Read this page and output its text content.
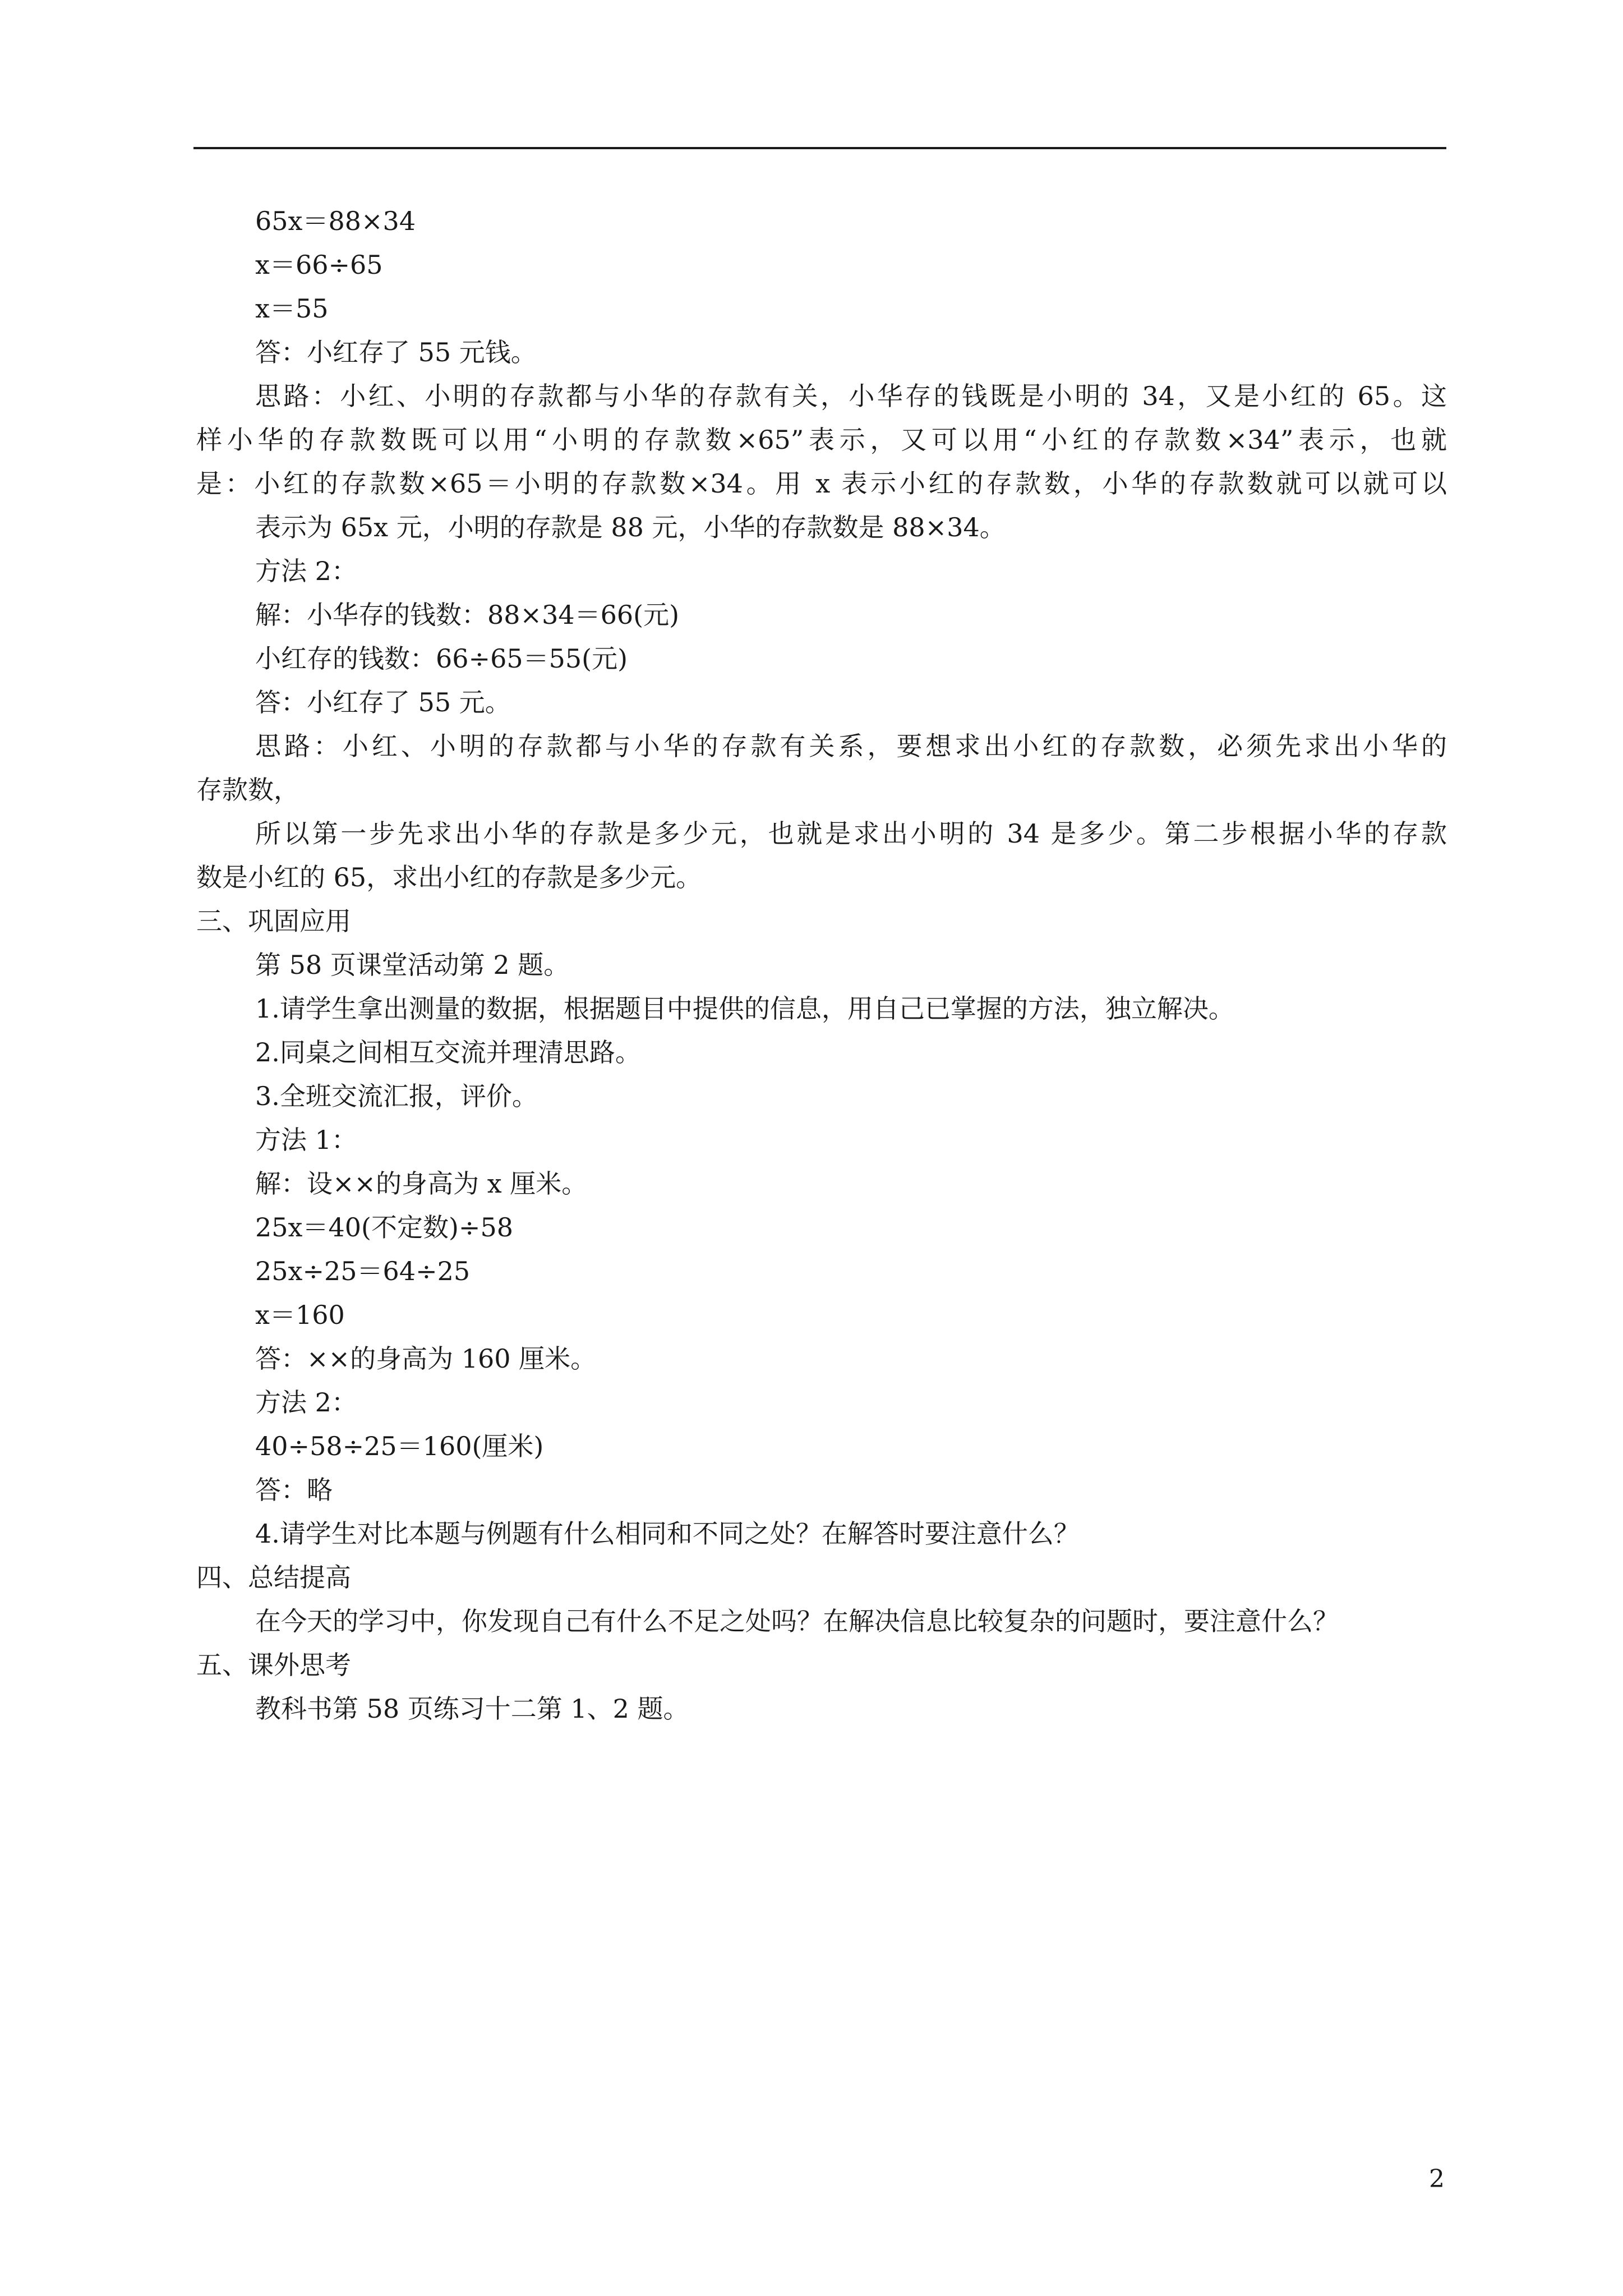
65x＝88×34
x＝66÷65
x＝55
答：小红存了 55 元钱。
思路：小红、小明的存款都与小华的存款有关，小华存的钱既是小明的 34，又是小红的 65。这
样小华的存款数既可以用“小明的存款数×65”表示，又可以用“小红的存款数×34”表示，也就
是：小红的存款数×65＝小明的存款数×34。用 x 表示小红的存款数，小华的存款数就可以就可以
表示为 65x 元，小明的存款是 88 元，小华的存款数是 88×34。
方法 2：
解：小华存的钱数：88×34＝66(元)
小红存的钱数：66÷65＝55(元)
答：小红存了 55 元。
思路：小红、小明的存款都与小华的存款有关系，要想求出小红的存款数，必须先求出小华的
存款数，
所以第一步先求出小华的存款是多少元，也就是求出小明的 34 是多少。第二步根据小华的存款
数是小红的 65，求出小红的存款是多少元。
三、巩固应用
第 58 页课堂活动第 2 题。
1.请学生拿出测量的数据，根据题目中提供的信息，用自己已掌握的方法，独立解决。
2.同桌之间相互交流并理清思路。
3.全班交流汇报，评价。
方法 1：
解：设××的身高为 x 厘米。
25x＝40(不定数)÷58
25x÷25＝64÷25
x＝160
答：××的身高为 160 厘米。
方法 2：
40÷58÷25＝160(厘米)
答：略
4.请学生对比本题与例题有什么相同和不同之处？在解答时要注意什么？
四、总结提高
在今天的学习中，你发现自己有什么不足之处吗？在解决信息比较复杂的问题时，要注意什么？
五、课外思考
教科书第 58 页练习十二第 1、2 题。
2
